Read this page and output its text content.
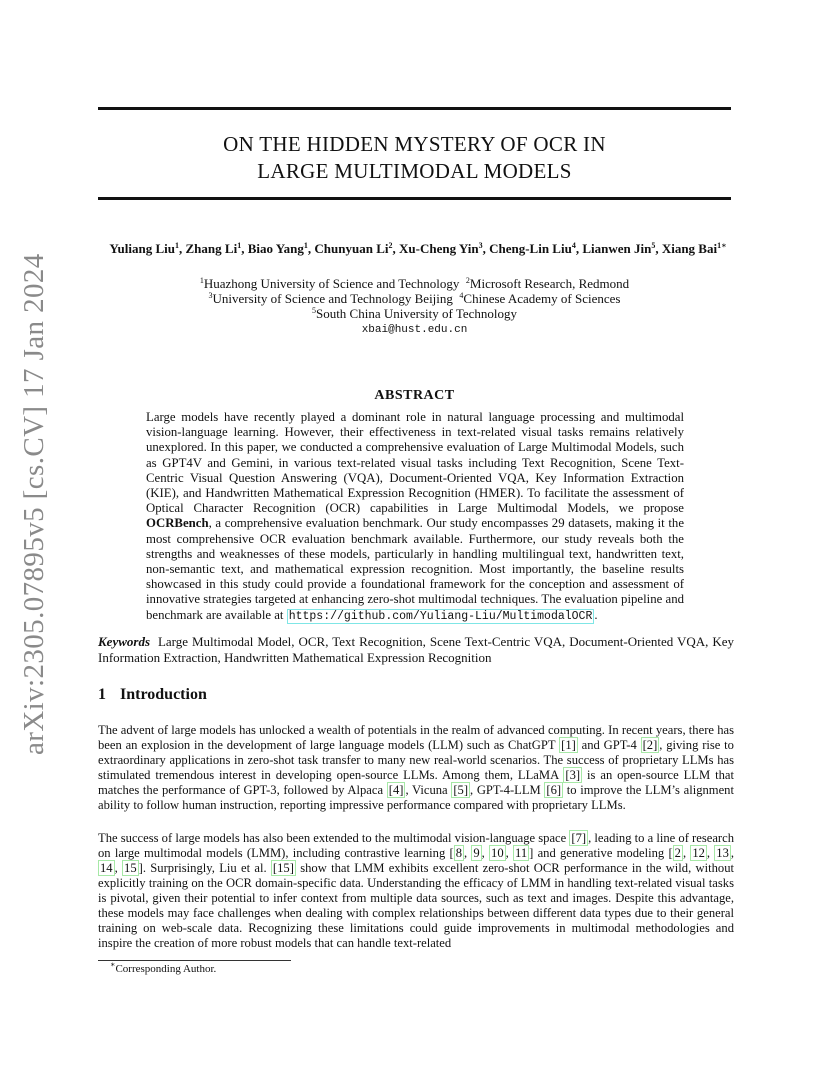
arXiv:2305.07895v5 [cs.CV] 17 Jan 2024
ON THE HIDDEN MYSTERY OF OCR IN
LARGE MULTIMODAL MODELS
Yuliang Liu$^1$, Zhang Li$^1$, Biao Yang$^1$, Chunyuan Li$^2$, Xu-Cheng Yin$^3$, Cheng-Lin Liu$^4$, Lianwen Jin$^5$, Xiang Bai$^{1∗}$
$^1$Huazhong University of Science and Technology $^2$Microsoft Research, Redmond
$^3$University of Science and Technology Beijing $^4$Chinese Academy of Sciences
$^5$South China University of Technology
xbai@hust.edu.cn
ABSTRACT

Large models have recently played a dominant role in natural language processing and multimodal vision-language learning. However, their effectiveness in text-related visual tasks remains relatively unexplored. In this paper, we conducted a comprehensive evaluation of Large Multimodal Models, such as GPT4V and Gemini, in various text-related visual tasks including Text Recognition, Scene Text-Centric Visual Question Answering (VQA), Document-Oriented VQA, Key Information Extraction (KIE), and Handwritten Mathematical Expression Recognition (HMER). To facilitate the assessment of Optical Character Recognition (OCR) capabilities in Large Multimodal Models, we propose OCRBench, a comprehensive evaluation benchmark. Our study encompasses 29 datasets, making it the most comprehensive OCR evaluation benchmark available. Furthermore, our study reveals both the strengths and weaknesses of these models, particularly in handling multilingual text, handwritten text, non-semantic text, and mathematical expression recognition. Most importantly, the baseline results showcased in this study could provide a foundational framework for the conception and assessment of innovative strategies targeted at enhancing zero-shot multimodal techniques. The evaluation pipeline and benchmark are available at https://github.com/Yuliang-Liu/MultimodalOCR .

Keywords Large Multimodal Model, OCR, Text Recognition, Scene Text-Centric VQA, Document-Oriented VQA, Key Information Extraction, Handwritten Mathematical Expression Recognition

1 Introduction

The advent of large models has unlocked a wealth of potentials in the realm of advanced computing. In recent years, there has been an explosion in the development of large language models (LLM) such as ChatGPT [1] and GPT-4 [2] , giving rise to extraordinary applications in zero-shot task transfer to many new real-world scenarios. The success of proprietary LLMs has stimulated tremendous interest in developing open-source LLMs. Among them, LLaMA [3] is an open-source LLM that matches the performance of GPT-3, followed by Alpaca [4] , Vicuna [5] , GPT-4-LLM [6] to improve the LLM’s alignment ability to follow human instruction, reporting impressive performance compared with proprietary LLMs.

The success of large models has also been extended to the multimodal vision-language space [7] , leading to a line of research on large multimodal models (LMM), including contrastive learning [ 8 , 9 , 10 , 11 ] and generative modeling [ 2 , 12 , 13 , 14 , 15 ]. Surprisingly, Liu et al. [15] show that LMM exhibits excellent zero-shot OCR performance in the wild, without explicitly training on the OCR domain-specific data. Understanding the efficacy of LMM in handling text-related visual tasks is pivotal, given their potential to infer context from multiple data sources, such as text and images. Despite this advantage, these models may face challenges when dealing with complex relationships between different data types due to their general training on web-scale data. Recognizing these limitations could guide improvements in multimodal methodologies and inspire the creation of more robust models that can handle text-related

∗Corresponding Author.
